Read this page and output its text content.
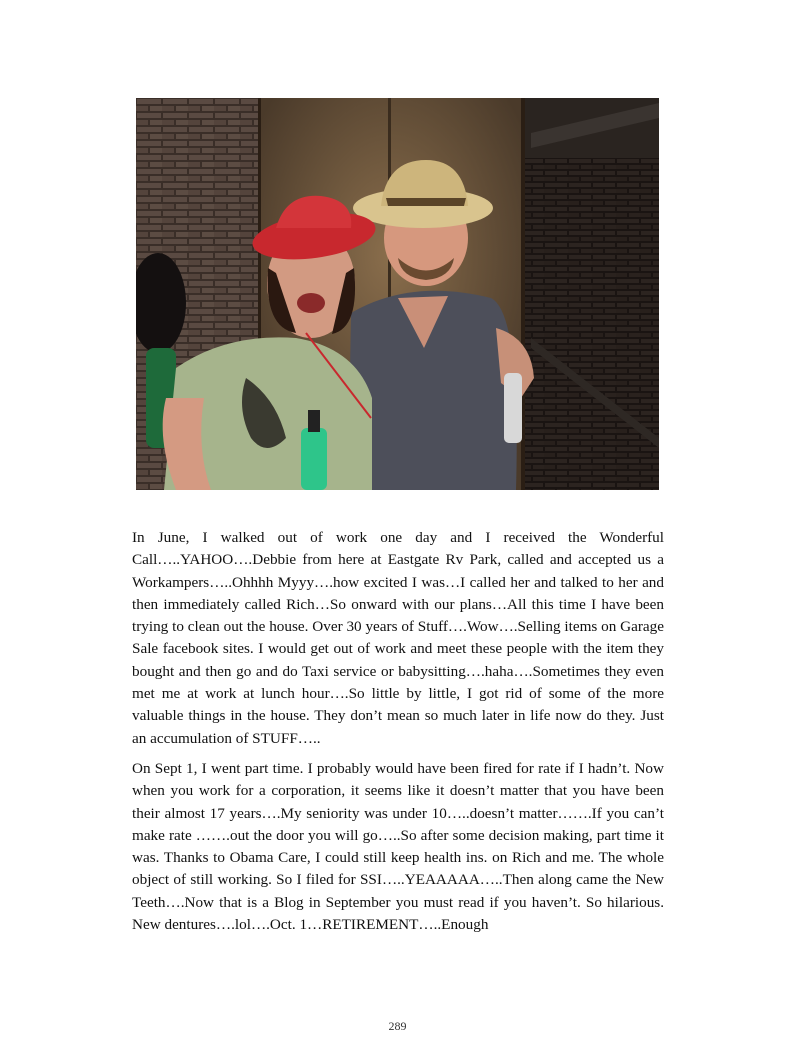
In June, I walked out of work one day and I received the Wonderful Call…..YAHOO….Debbie from here at Eastgate Rv Park, called and accepted us a Workampers…..Ohhhh Myyy….how excited I was…I called her and talked to her and then immediately called Rich…So onward with our plans…All this time I have been trying to clean out the house. Over 30 years of Stuff….Wow….Selling items on Garage Sale facebook sites. I would get out of work and meet these people with the item they bought and then go and do Taxi service or babysitting….haha….Sometimes they even met me at work at lunch hour….So little by little, I got rid of some of the more valuable things in the house. They don’t mean so much later in life now do they. Just an accumulation of STUFF…..

On Sept 1, I went part time. I probably would have been fired for rate if I hadn’t. Now when you work for a corporation, it seems like it doesn’t matter that you have been their almost 17 years….My seniority was under 10…..doesn’t matter…….If you can’t make rate …….out the door you will go…..So after some decision making, part time it was. Thanks to Obama Care, I could still keep health ins. on Rich and me. The whole object of still working. So I filed for SSI…..YEAAAAA…..Then along came the New Teeth….Now that is a Blog in September you must read if you haven’t. So hilarious. New dentures….lol….Oct. 1…RETIREMENT…..Enough

289
